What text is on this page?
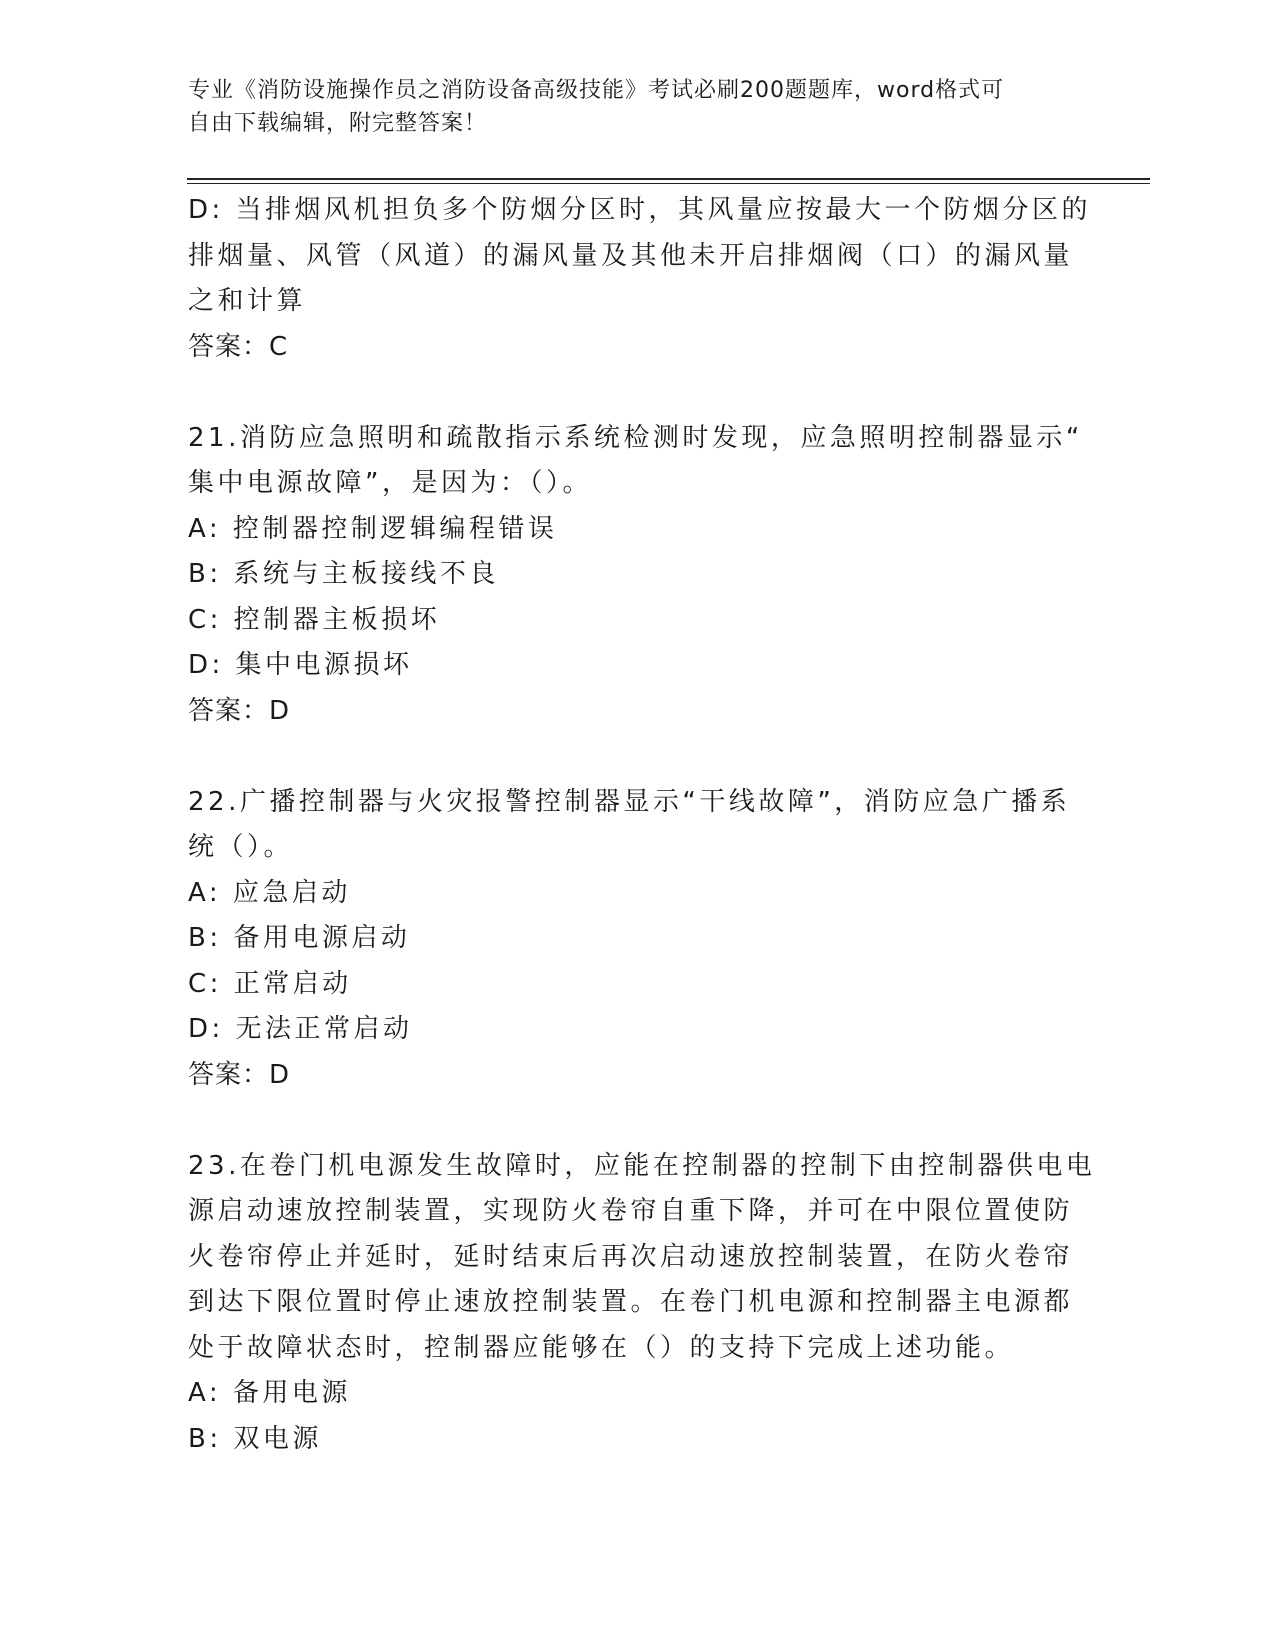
专业《消防设施操作员之消防设备高级技能》考试必刷200题题库，word格式可
自由下载编辑，附完整答案！
D: 当排烟风机担负多个防烟分区时，其风量应按最大一个防烟分区的
排烟量、风管（风道）的漏风量及其他未开启排烟阀（口）的漏风量
之和计算
答案：C
21.消防应急照明和疏散指示系统检测时发现，应急照明控制器显示“
集中电源故障”，是因为：（）。
A: 控制器控制逻辑编程错误
B: 系统与主板接线不良
C: 控制器主板损坏
D: 集中电源损坏
答案：D
22.广播控制器与火灾报警控制器显示“干线故障”，消防应急广播系
统（）。
A: 应急启动
B: 备用电源启动
C: 正常启动
D: 无法正常启动
答案：D
23.在卷门机电源发生故障时，应能在控制器的控制下由控制器供电电
源启动速放控制装置，实现防火卷帘自重下降，并可在中限位置使防
火卷帘停止并延时，延时结束后再次启动速放控制装置，在防火卷帘
到达下限位置时停止速放控制装置。在卷门机电源和控制器主电源都
处于故障状态时，控制器应能够在（）的支持下完成上述功能。
A: 备用电源
B: 双电源
